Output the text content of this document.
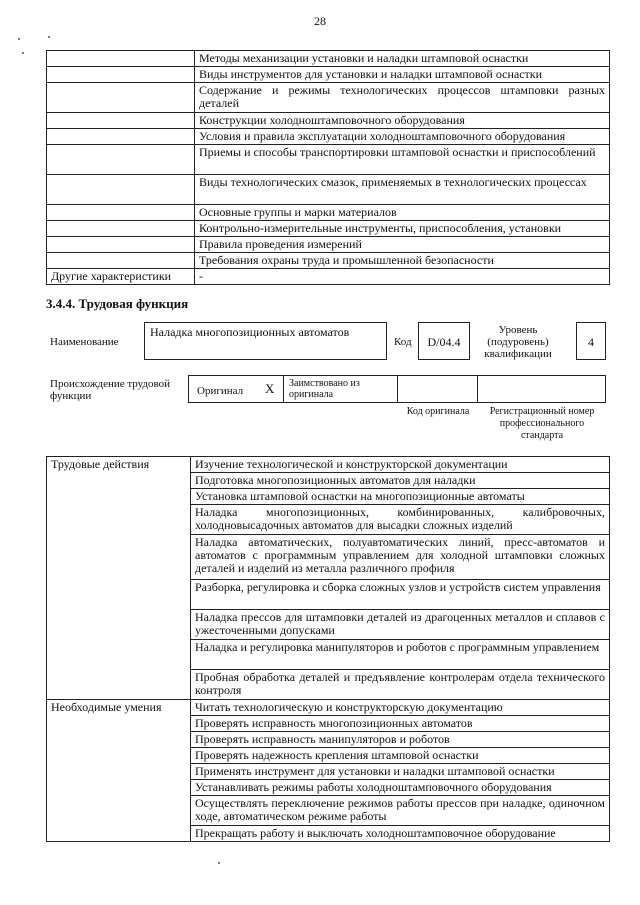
28
	Методы механизации установки и наладки штамповой оснастки
	Виды инструментов для установки и наладки штамповой оснастки
	Содержание и режимы технологических процессов штамповки разных деталей
	Конструкции холодноштамповочного оборудования
	Условия и правила эксплуатации холодноштамповочного оборудования
	Приемы и способы транспортировки штамповой оснастки и приспособлений
	Виды технологических смазок, применяемых в технологических процессах
	Основные группы и марки материалов
	Контрольно-измерительные инструменты, приспособления, установки
	Правила проведения измерений
	Требования охраны труда и промышленной безопасности
Другие характеристики	-
3.4.4. Трудовая функция
Наименование
Наладка многопозиционных автоматов
Код	D/04.4
Уровень (подуровень) квалификации
4
Происхождение трудовой функции	Оригинал X Заимствовано из оригинала
Код оригинала	Регистрационный номер профессионального стандарта
Трудовые действия	Изучение технологической и конструкторской документации
	Подготовка многопозиционных автоматов для наладки
	Установка штамповой оснастки на многопозиционные автоматы
	Наладка многопозиционных, комбинированных, калибровочных, холодновысадочных автоматов для высадки сложных изделий
	Наладка автоматических, полуавтоматических линий, пресс-автоматов и автоматов с программным управлением для холодной штамповки сложных деталей и изделий из металла различного профиля
	Разборка, регулировка и сборка сложных узлов и устройств систем управления
	Наладка прессов для штамповки деталей из драгоценных металлов и сплавов с ужесточенными допусками
	Наладка и регулировка манипуляторов и роботов с программным управлением
	Пробная обработка деталей и предъявление контролерам отдела технического контроля
Необходимые умения	Читать технологическую и конструкторскую документацию
	Проверять исправность многопозиционных автоматов
	Проверять исправность манипуляторов и роботов
	Проверять надежность крепления штамповой оснастки
	Применять инструмент для установки и наладки штамповой оснастки
	Устанавливать режимы работы холодноштамповочного оборудования
	Осуществлять переключение режимов работы прессов при наладке, одиночном ходе, автоматическом режиме работы
	Прекращать работу и выключать холодноштамповочное оборудование
